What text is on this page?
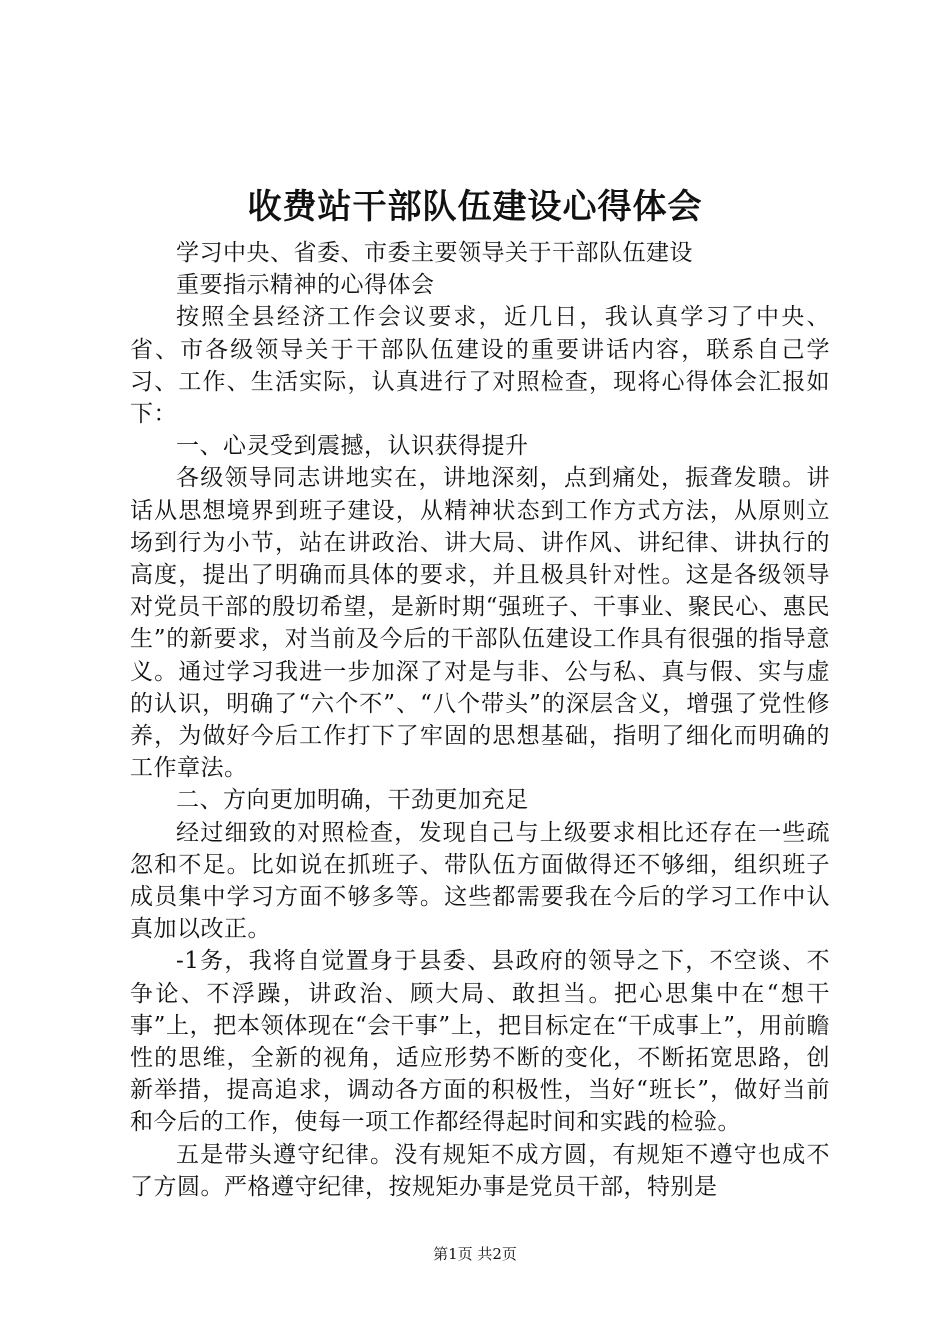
收费站干部队伍建设心得体会

学习中央、省委、市委主要领导关于干部队伍建设

重要指示精神的心得体会

按照全县经济工作会议要求，近几日，我认真学习了中央、省、市各级领导关于干部队伍建设的重要讲话内容，联系自己学习、工作、生活实际，认真进行了对照检查，现将心得体会汇报如下：

一、心灵受到震撼，认识获得提升

各级领导同志讲地实在，讲地深刻，点到痛处，振聋发聩。讲话从思想境界到班子建设，从精神状态到工作方式方法，从原则立场到行为小节，站在讲政治、讲大局、讲作风、讲纪律、讲执行的高度，提出了明确而具体的要求，并且极具针对性。这是各级领导对党员干部的殷切希望，是新时期“强班子、干事业、聚民心、惠民生”的新要求，对当前及今后的干部队伍建设工作具有很强的指导意义。通过学习我进一步加深了对是与非、公与私、真与假、实与虚的认识，明确了“六个不”、“八个带头”的深层含义，增强了党性修养，为做好今后工作打下了牢固的思想基础，指明了细化而明确的工作章法。

二、方向更加明确，干劲更加充足

经过细致的对照检查，发现自己与上级要求相比还存在一些疏忽和不足。比如说在抓班子、带队伍方面做得还不够细，组织班子成员集中学习方面不够多等。这些都需要我在今后的学习工作中认真加以改正。

-1务，我将自觉置身于县委、县政府的领导之下，不空谈、不争论、不浮躁，讲政治、顾大局、敢担当。把心思集中在“想干事”上，把本领体现在“会干事”上，把目标定在“干成事上”，用前瞻性的思维，全新的视角，适应形势不断的变化，不断拓宽思路，创新举措，提高追求，调动各方面的积极性，当好“班长”，做好当前和今后的工作，使每一项工作都经得起时间和实践的检验。

五是带头遵守纪律。没有规矩不成方圆，有规矩不遵守也成不了方圆。严格遵守纪律，按规矩办事是党员干部，特别是

第1页 共2页
